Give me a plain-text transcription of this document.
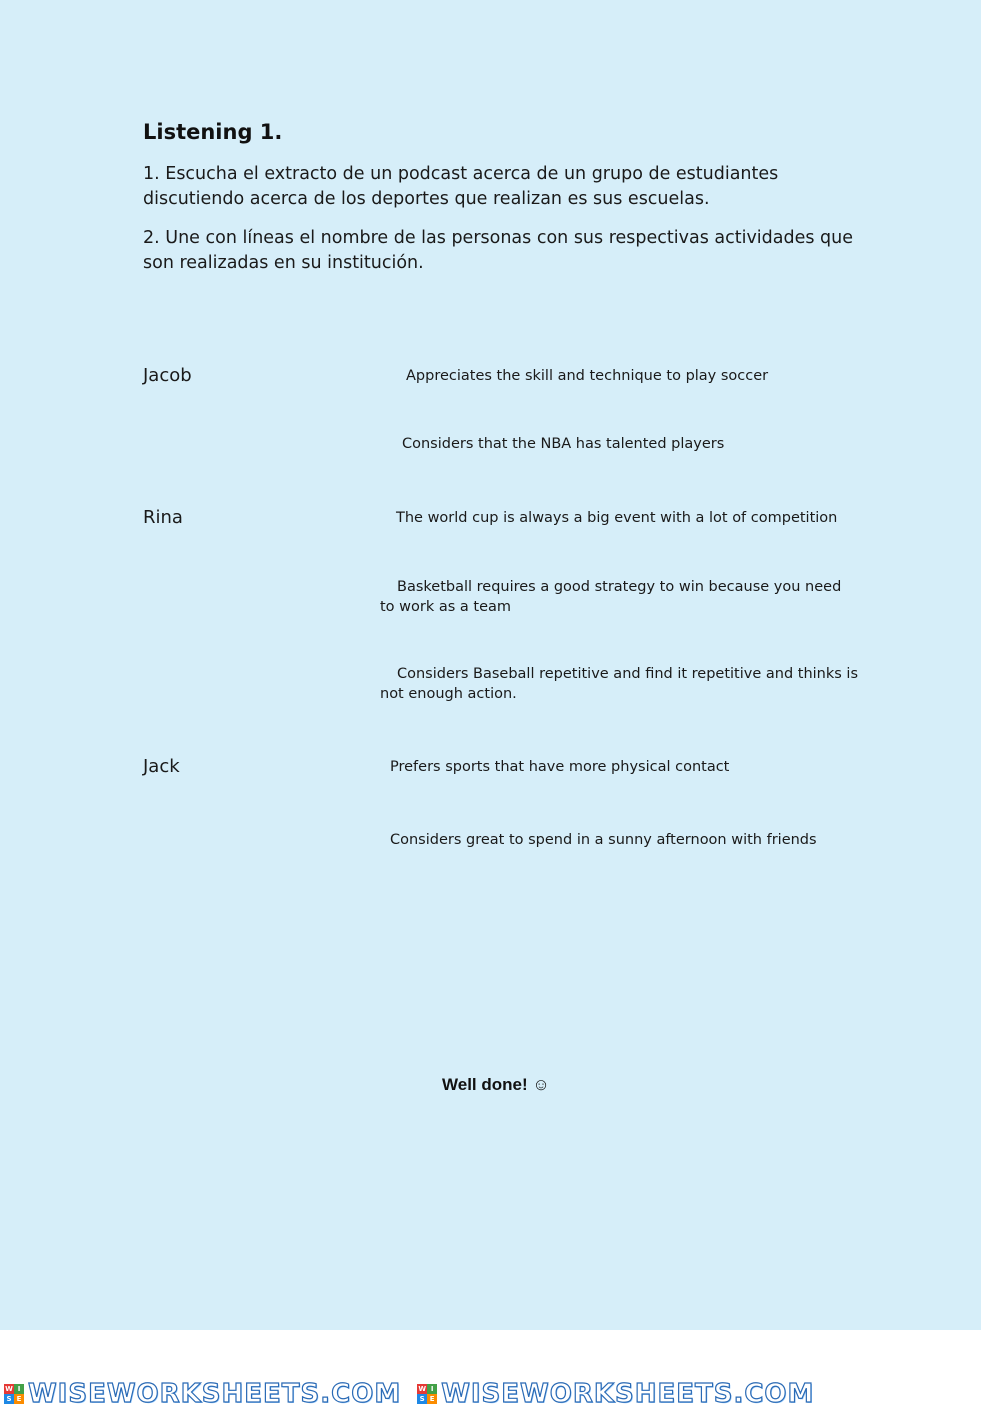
Listening 1.
1. Escucha el extracto de un podcast acerca de un grupo de estudiantes discutiendo acerca de los deportes que realizan es sus escuelas.
2. Une con líneas el nombre de las personas con sus respectivas actividades que son realizadas en su institución.
Jacob
Rina
Jack
Appreciates the skill and technique to play soccer
Considers that the NBA has talented players
The world cup is always a big event with a lot of competition
Basketball requires a good strategy to win because you need to work as a team
Considers Baseball repetitive and find it repetitive and thinks is not enough action.
Prefers sports that have more physical contact
Considers great to spend in a sunny afternoon with friends
Well done! ☺
W I
S E WISEWORKSHEETS.COM W I
S E WISEWORKSHEETS.COM
